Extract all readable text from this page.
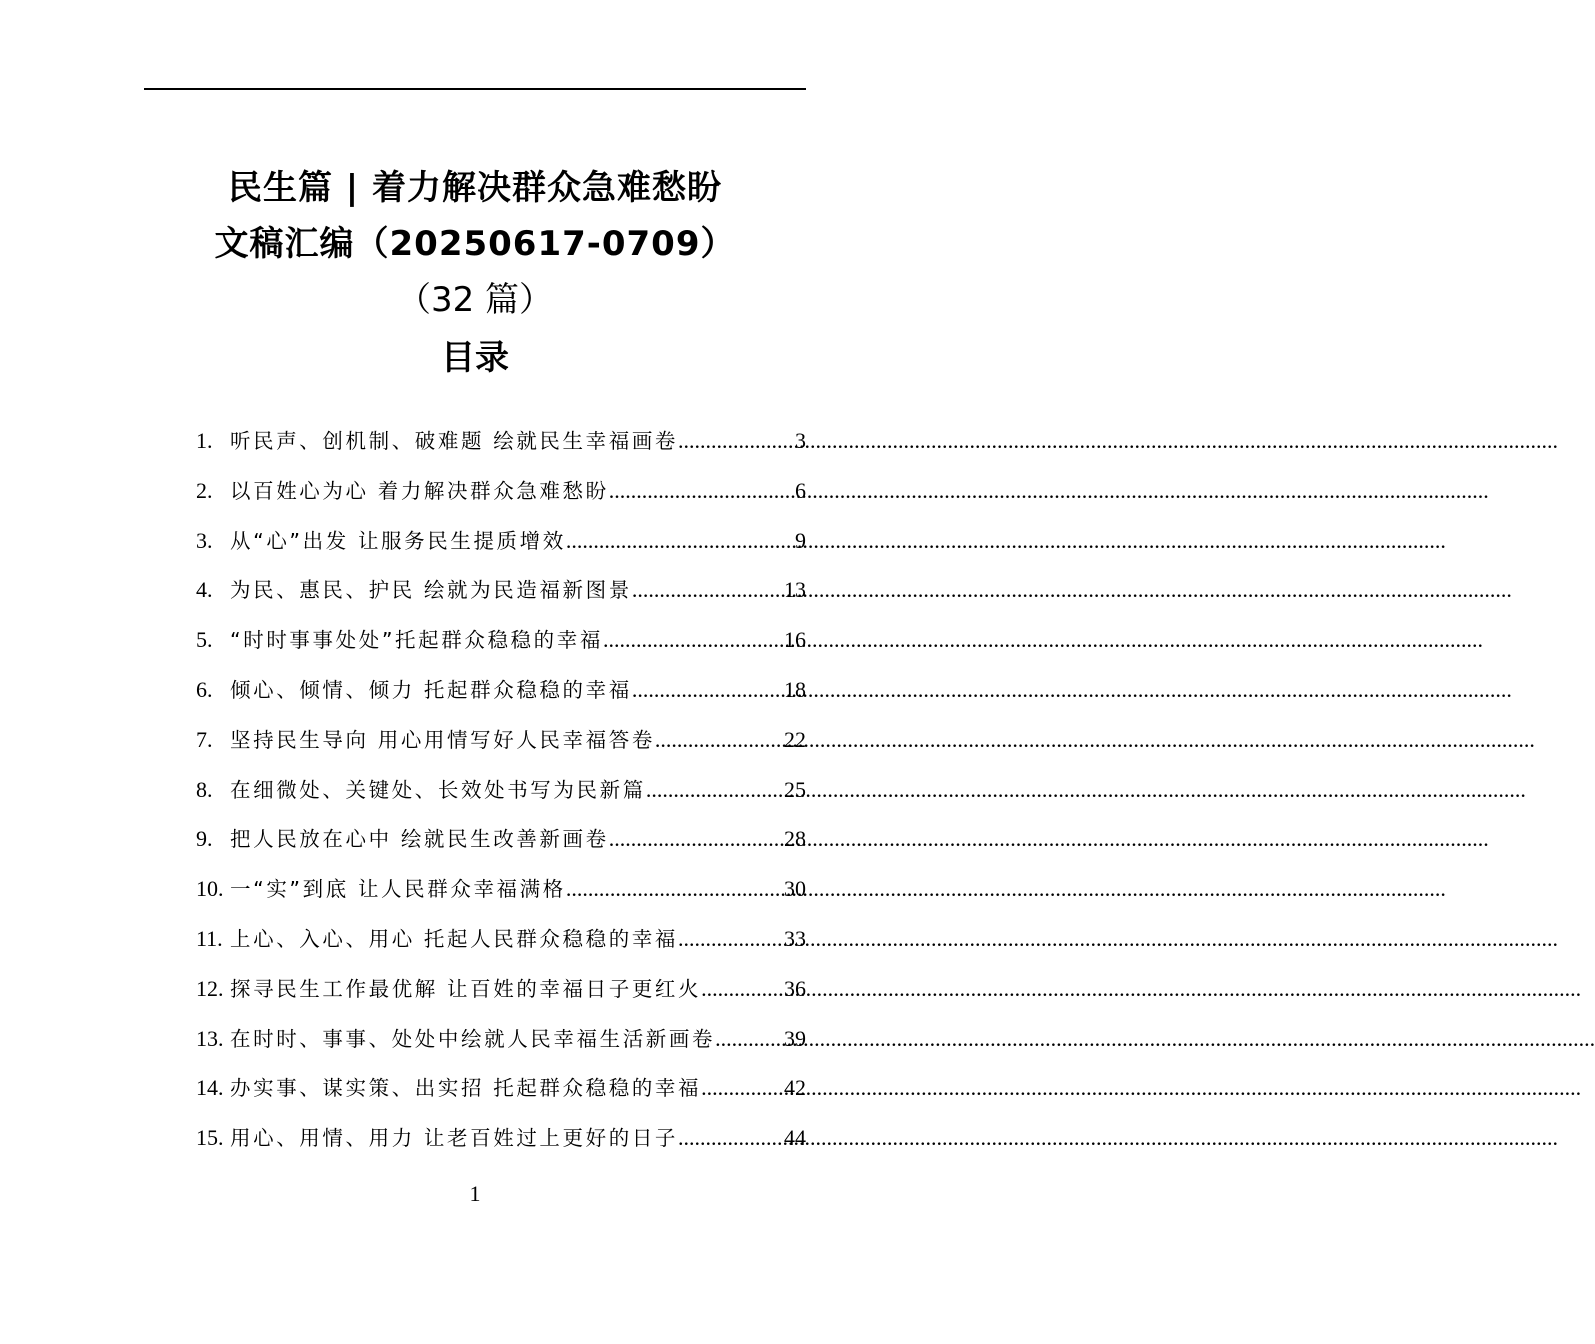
民生篇 | 着力解决群众急难愁盼
文稿汇编（20250617-0709）
（32 篇）
目录
1. 听民声、创机制、破难题 绘就民生幸福画卷 .....	3
2. 以百姓心为心 着力解决群众急难愁盼 .....	6
3. 从“心”出发 让服务民生提质增效 .....	9
4. 为民、惠民、护民 绘就为民造福新图景 .....	13
5. “时时事事处处”托起群众稳稳的幸福 .....	16
6. 倾心、倾情、倾力 托起群众稳稳的幸福 .....	18
7. 坚持民生导向 用心用情写好人民幸福答卷 .....	22
8. 在细微处、关键处、长效处书写为民新篇 .....	25
9. 把人民放在心中 绘就民生改善新画卷 .....	28
10. 一“实”到底 让人民群众幸福满格 .....	30
11. 上心、入心、用心 托起人民群众稳稳的幸福 .....	33
12. 探寻民生工作最优解 让百姓的幸福日子更红火 .....	36
13. 在时时、事事、处处中绘就人民幸福生活新画卷 .....	39
14. 办实事、谋实策、出实招 托起群众稳稳的幸福 .....	42
15. 用心、用情、用力 让老百姓过上更好的日子 .....	44
1
